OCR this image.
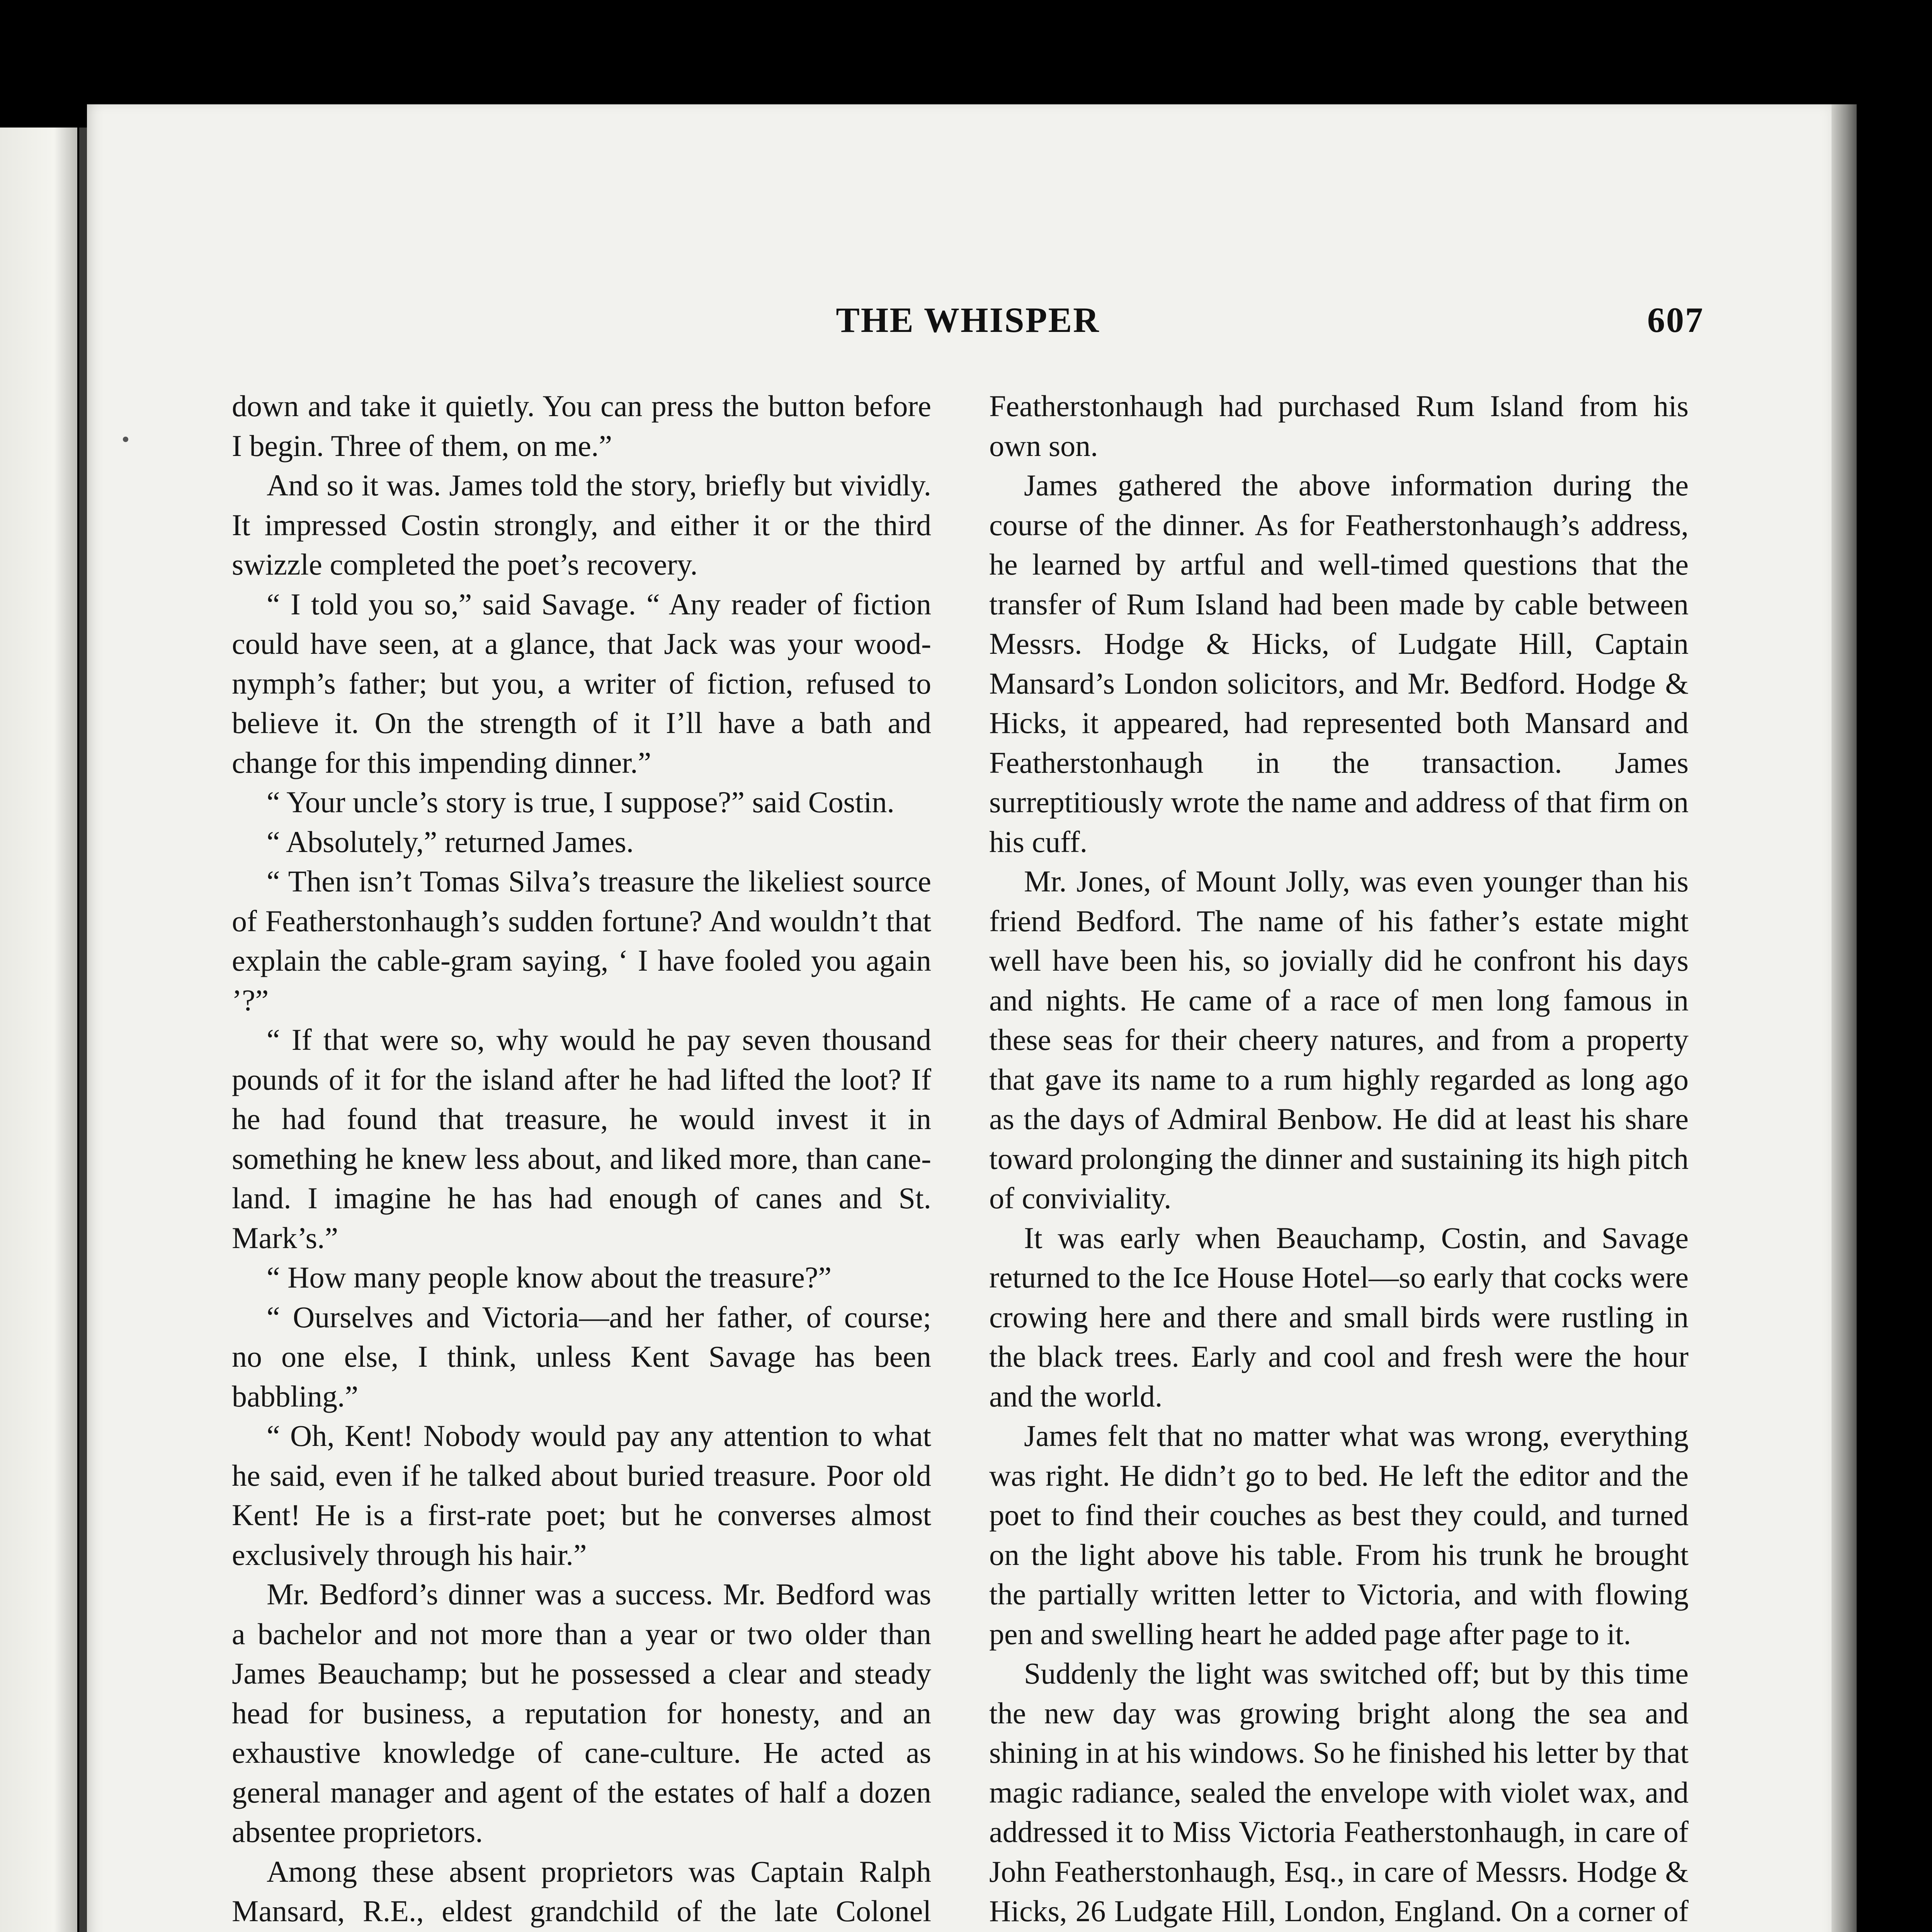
THE WHISPER	607

down and take it quietly. You can press the button before I begin. Three of them, on me.”

And so it was. James told the story, briefly but vividly. It impressed Costin strongly, and either it or the third swizzle completed the poet’s recovery.

“ I told you so,” said Savage. “ Any reader of fiction could have seen, at a glance, that Jack was your wood-nymph’s father; but you, a writer of fiction, refused to believe it. On the strength of it I’ll have a bath and change for this impending dinner.”

“ Your uncle’s story is true, I suppose?” said Costin.

“ Absolutely,” returned James.

“ Then isn’t Tomas Silva’s treasure the likeliest source of Featherstonhaugh’s sudden fortune? And wouldn’t that explain the cable-gram saying, ‘ I have fooled you again ’?”

“ If that were so, why would he pay seven thousand pounds of it for the island after he had lifted the loot? If he had found that treasure, he would invest it in something he knew less about, and liked more, than cane-land. I imagine he has had enough of canes and St. Mark’s.”

“ How many people know about the treasure?”

“ Ourselves and Victoria—and her father, of course; no one else, I think, unless Kent Savage has been babbling.”

“ Oh, Kent! Nobody would pay any attention to what he said, even if he talked about buried treasure. Poor old Kent! He is a first-rate poet; but he converses almost exclusively through his hair.”

Mr. Bedford’s dinner was a success. Mr. Bedford was a bachelor and not more than a year or two older than James Beauchamp; but he possessed a clear and steady head for business, a reputation for honesty, and an exhaustive knowledge of cane-culture. He acted as general manager and agent of the estates of half a dozen absentee proprietors.

Among these absent proprietors was Captain Ralph Mansard, R.E., eldest grandchild of the late Colonel

Featherstonhaugh had purchased Rum Island from his own son.

James gathered the above information during the course of the dinner. As for Featherstonhaugh’s address, he learned by artful and well-timed questions that the transfer of Rum Island had been made by cable between Messrs. Hodge & Hicks, of Ludgate Hill, Captain Mansard’s London solicitors, and Mr. Bedford. Hodge & Hicks, it appeared, had represented both Mansard and Featherstonhaugh in the transaction. James surreptitiously wrote the name and address of that firm on his cuff.

Mr. Jones, of Mount Jolly, was even younger than his friend Bedford. The name of his father’s estate might well have been his, so jovially did he confront his days and nights. He came of a race of men long famous in these seas for their cheery natures, and from a property that gave its name to a rum highly regarded as long ago as the days of Admiral Benbow. He did at least his share toward prolonging the dinner and sustaining its high pitch of conviviality.

It was early when Beauchamp, Costin, and Savage returned to the Ice House Hotel—so early that cocks were crowing here and there and small birds were rustling in the black trees. Early and cool and fresh were the hour and the world.

James felt that no matter what was wrong, everything was right. He didn’t go to bed. He left the editor and the poet to find their couches as best they could, and turned on the light above his table. From his trunk he brought the partially written letter to Victoria, and with flowing pen and swelling heart he added page after page to it.

Suddenly the light was switched off; but by this time the new day was growing bright along the sea and shining in at his windows. So he finished his letter by that magic radiance, sealed the envelope with violet wax, and addressed it to Miss Victoria Featherstonhaugh, in care of John Featherstonhaugh, Esq., in care of Messrs. Hodge & Hicks, 26 Ludgate Hill, London, England. On a corner of
